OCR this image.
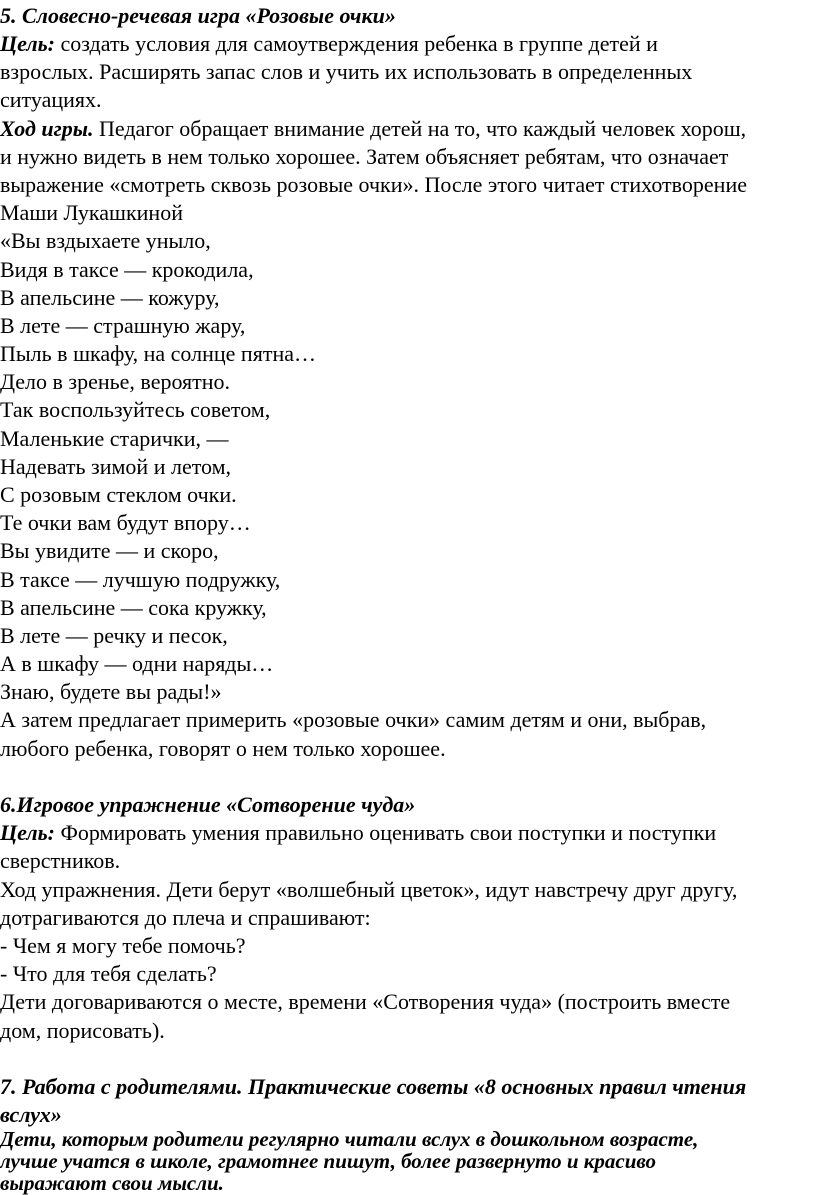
5. Словесно-речевая игра «Розовые очки»
Цель: создать условия для самоутверждения ребенка в группе детей и
взрослых. Расширять запас слов и учить их использовать в определенных
ситуациях.
Ход игры. Педагог обращает внимание детей на то, что каждый человек хорош,
и нужно видеть в нем только хорошее. Затем объясняет ребятам, что означает
выражение «смотреть сквозь розовые очки». После этого читает стихотворение
Маши Лукашкиной
«Вы вздыхаете уныло,
Видя в таксе — крокодила,
В апельсине — кожуру,
В лете — страшную жару,
Пыль в шкафу, на солнце пятна…
Дело в зренье, вероятно.
Так воспользуйтесь советом,
Маленькие старички, —
Надевать зимой и летом,
С розовым стеклом очки.
Те очки вам будут впору…
Вы увидите — и скоро,
В таксе — лучшую подружку,
В апельсине — сока кружку,
В лете — речку и песок,
А в шкафу — одни наряды…
Знаю, будете вы рады!»
А затем предлагает примерить «розовые очки» самим детям и они, выбрав,
любого ребенка, говорят о нем только хорошее.
6.Игровое упражнение «Сотворение чуда»
Цель: Формировать умения правильно оценивать свои поступки и поступки
сверстников.
Ход упражнения. Дети берут «волшебный цветок», идут навстречу друг другу,
дотрагиваются до плеча и спрашивают:
- Чем я могу тебе помочь?
- Что для тебя сделать?
Дети договариваются о месте, времени «Сотворения чуда» (построить вместе
дом, порисовать).
7. Работа с родителями. Практические советы «8 основных правил чтения
вслух»
Дети, которым родители регулярно читали вслух в дошкольном возрасте,
лучше учатся в школе, грамотнее пишут, более развернуто и красиво
выражают свои мысли.
